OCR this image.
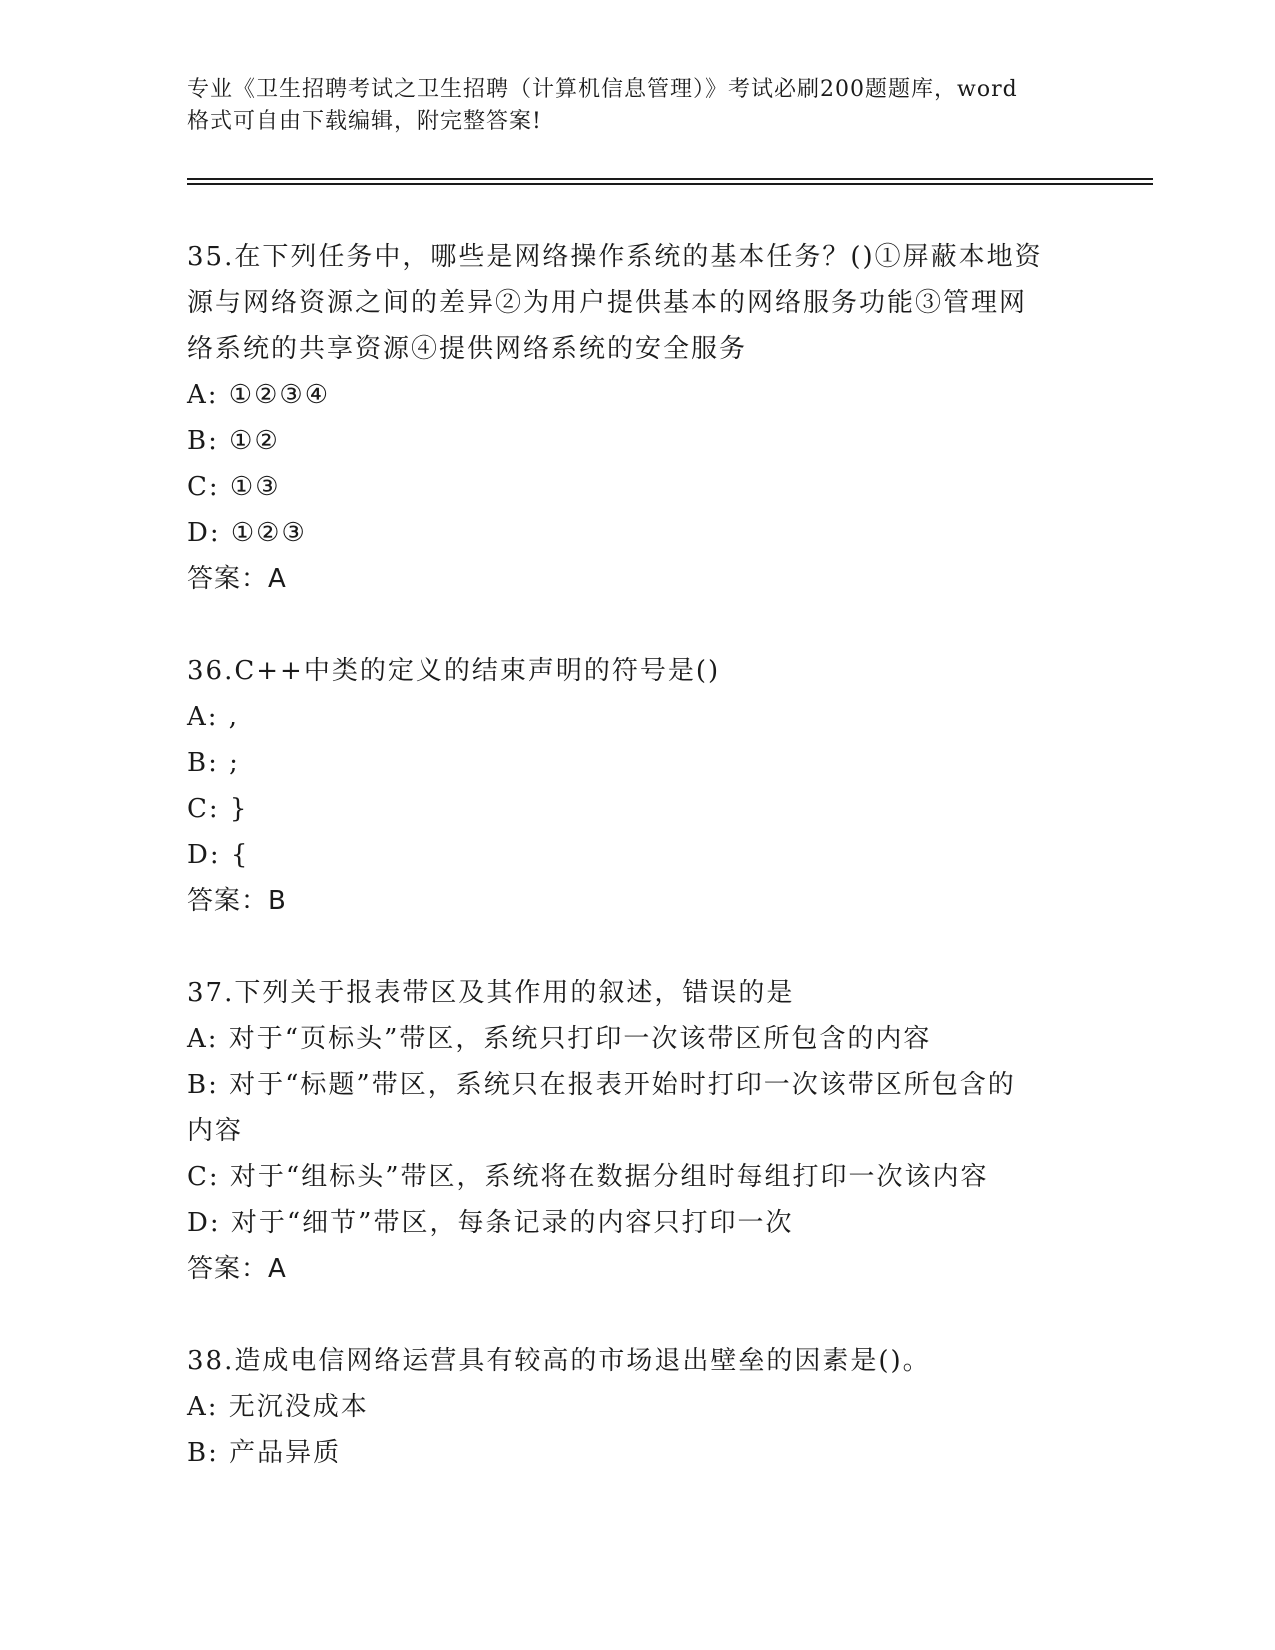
专业《卫生招聘考试之卫生招聘（计算机信息管理）》考试必刷200题题库，word
格式可自由下载编辑，附完整答案!
35.在下列任务中，哪些是网络操作系统的基本任务？()①屏蔽本地资
源与网络资源之间的差异②为用户提供基本的网络服务功能③管理网
络系统的共享资源④提供网络系统的安全服务
A: ①②③④
B: ①②
C: ①③
D: ①②③
答案：A
36.C++中类的定义的结束声明的符号是()
A: ,
B: ;
C: }
D: {
答案：B
37.下列关于报表带区及其作用的叙述，错误的是
A: 对于“页标头”带区，系统只打印一次该带区所包含的内容
B: 对于“标题”带区，系统只在报表开始时打印一次该带区所包含的
内容
C: 对于“组标头”带区，系统将在数据分组时每组打印一次该内容
D: 对于“细节”带区，每条记录的内容只打印一次
答案：A
38.造成电信网络运营具有较高的市场退出壁垒的因素是()。
A: 无沉没成本
B: 产品异质
